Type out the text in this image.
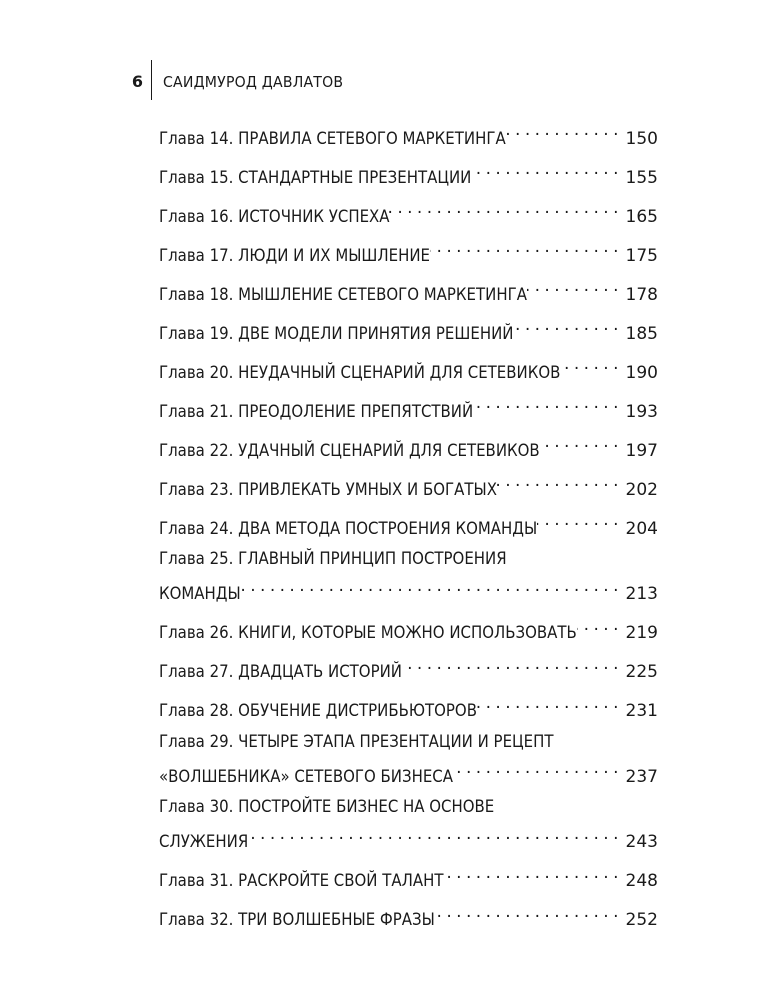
6 САИДМУРОД ДАВЛАТОВ
Глава 14. ПРАВИЛА СЕТЕВОГО МАРКЕТИНГА . . .	150
Глава 15. СТАНДАРТНЫЕ ПРЕЗЕНТАЦИИ . . .	155
Глава 16. ИСТОЧНИК УСПЕХА . . .	165
Глава 17. ЛЮДИ И ИХ МЫШЛЕНИЕ . . .	175
Глава 18. МЫШЛЕНИЕ СЕТЕВОГО МАРКЕТИНГА . . .	178
Глава 19. ДВЕ МОДЕЛИ ПРИНЯТИЯ РЕШЕНИЙ . . .	185
Глава 20. НЕУДАЧНЫЙ СЦЕНАРИЙ ДЛЯ СЕТЕВИКОВ . . .	190
Глава 21. ПРЕОДОЛЕНИЕ ПРЕПЯТСТВИЙ . . .	193
Глава 22. УДАЧНЫЙ СЦЕНАРИЙ ДЛЯ СЕТЕВИКОВ . . .	197
Глава 23. ПРИВЛЕКАТЬ УМНЫХ И БОГАТЫХ . . .	202
Глава 24. ДВА МЕТОДА ПОСТРОЕНИЯ КОМАНДЫ . . .	204
Глава 25. ГЛАВНЫЙ ПРИНЦИП ПОСТРОЕНИЯ
КОМАНДЫ . . .	213
Глава 26. КНИГИ, КОТОРЫЕ МОЖНО ИСПОЛЬЗОВАТЬ . . .	219
Глава 27. ДВАДЦАТЬ ИСТОРИЙ . . .	225
Глава 28. ОБУЧЕНИЕ ДИСТРИБЬЮТОРОВ . . .	231
Глава 29. ЧЕТЫРЕ ЭТАПА ПРЕЗЕНТАЦИИ И РЕЦЕПТ
«ВОЛШЕБНИКА» СЕТЕВОГО БИЗНЕСА . . .	237
Глава 30. ПОСТРОЙТЕ БИЗНЕС НА ОСНОВЕ
СЛУЖЕНИЯ . . .	243
Глава 31. РАСКРОЙТЕ СВОЙ ТАЛАНТ . . .	248
Глава 32. ТРИ ВОЛШЕБНЫЕ ФРАЗЫ . . .	252
